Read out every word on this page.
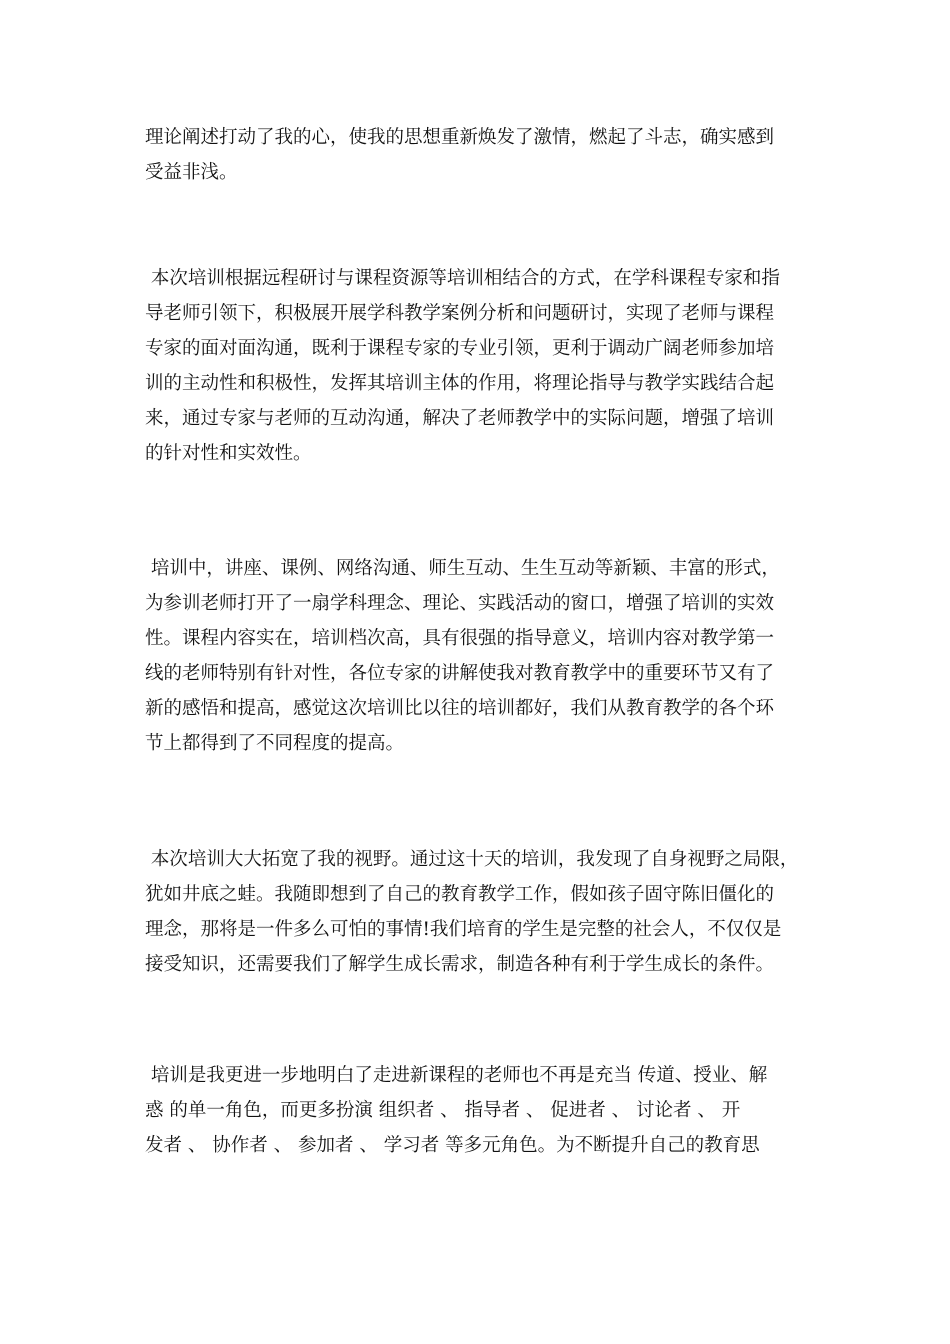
理论阐述打动了我的心，使我的思想重新焕发了激情，燃起了斗志，确实感到
受益非浅。
本次培训根据远程研讨与课程资源等培训相结合的方式，在学科课程专家和指
导老师引领下，积极展开展学科教学案例分析和问题研讨，实现了老师与课程
专家的面对面沟通，既利于课程专家的专业引领，更利于调动广阔老师参加培
训的主动性和积极性，发挥其培训主体的作用，将理论指导与教学实践结合起
来，通过专家与老师的互动沟通，解决了老师教学中的实际问题，增强了培训
的针对性和实效性。
培训中，讲座、课例、网络沟通、师生互动、生生互动等新颖、丰富的形式，
为参训老师打开了一扇学科理念、理论、实践活动的窗口，增强了培训的实效
性。课程内容实在，培训档次高，具有很强的指导意义，培训内容对教学第一
线的老师特别有针对性，各位专家的讲解使我对教育教学中的重要环节又有了
新的感悟和提高，感觉这次培训比以往的培训都好，我们从教育教学的各个环
节上都得到了不同程度的提高。
本次培训大大拓宽了我的视野。通过这十天的培训，我发现了自身视野之局限，
犹如井底之蛙。我随即想到了自己的教育教学工作，假如孩子固守陈旧僵化的
理念，那将是一件多么可怕的事情!我们培育的学生是完整的社会人，不仅仅是
接受知识，还需要我们了解学生成长需求，制造各种有利于学生成长的条件。
培训是我更进一步地明白了走进新课程的老师也不再是充当 传道、授业、解
惑 的单一角色，而更多扮演 组织者 、 指导者 、 促进者 、 讨论者 、 开
发者 、 协作者 、 参加者 、 学习者 等多元角色。为不断提升自己的教育思
